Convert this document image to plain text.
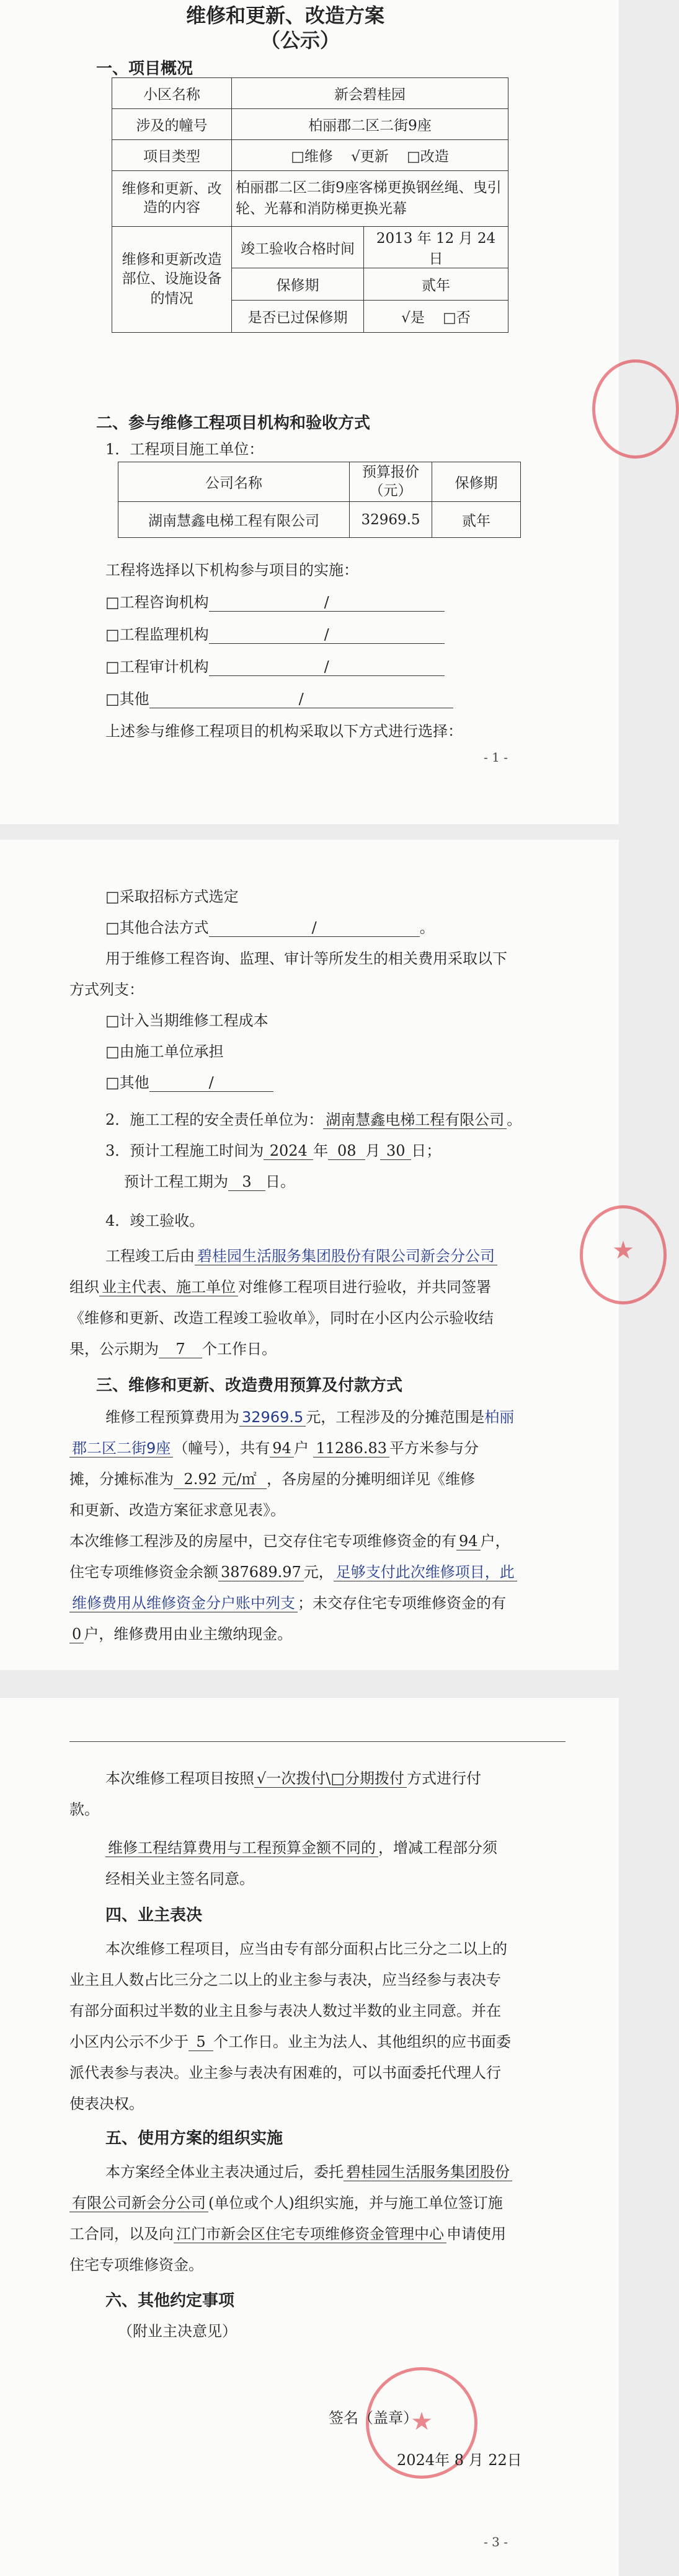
维修和更新、改造方案
（公示）
一、项目概况
小区名称	新会碧桂园	
涉及的幢号	柏丽郡二区二街9座	
项目类型	□维修 √更新 □改造	
维修和更新、改造的内容	柏丽郡二区二街9座客梯更换钢丝绳、曳引轮、光幕和消防梯更换光幕	
维修和更新改造部位、设施设备的情况	竣工验收合格时间	2013 年 12 月 24 日
	保修期	贰年
	是否已过保修期	√是 □否
二、参与维修工程项目机构和验收方式
1．工程项目施工单位：
公司名称	预算报价（元）	保修期
湖南慧鑫电梯工程有限公司	32969.5	贰年
工程将选择以下机构参与项目的实施：
□工程咨询机构	/
□工程监理机构	/
□工程审计机构	/
□其他	/
上述参与维修工程项目的机构采取以下方式进行选择：
- 1 -
□采取招标方式选定
□其他合法方式	/	。
用于维修工程咨询、监理、审计等所发生的相关费用采取以下
方式列支：
□计入当期维修工程成本
□由施工单位承担
□其他	/
2．施工工程的安全责任单位为： 湖南慧鑫电梯工程有限公司 。
3．预计工程施工时间为 2024 年 08 月 30 日；
预计工程工期为 3 日。
4．竣工验收。
工程竣工后由 碧桂园生活服务集团股份有限公司新会分公司
组织 业主代表、施工单位 对维修工程项目进行验收，并共同签署
《维修和更新、改造工程竣工验收单》，同时在小区内公示验收结
果，公示期为 7 个工作日。
三、维修和更新、改造费用预算及付款方式
维修工程预算费用为 32969.5 元，工程涉及的分摊范围是柏丽
郡二区二街9座 （幢号），共有 94 户 11286.83 平方米参与分
摊，分摊标准为 2.92 元/㎡ ，各房屋的分摊明细详见《维修
和更新、改造方案征求意见表》。
本次维修工程涉及的房屋中，已交存住宅专项维修资金的有 94 户，
住宅专项维修资金余额 387689.97 元， 足够支付此次维修项目，此
维修费用从维修资金分户账中列支 ；未交存住宅专项维修资金的有
0 户，维修费用由业主缴纳现金。
★
本次维修工程项目按照 √一次拨付\□分期拨付 方式进行付
款。
维修工程结算费用与工程预算金额不同的 ，增减工程部分须
经相关业主签名同意。
四、业主表决
本次维修工程项目，应当由专有部分面积占比三分之二以上的
业主且人数占比三分之二以上的业主参与表决，应当经参与表决专
有部分面积过半数的业主且参与表决人数过半数的业主同意。并在
小区内公示不少于 5 个工作日。业主为法人、其他组织的应书面委
派代表参与表决。业主参与表决有困难的，可以书面委托代理人行
使表决权。
五、使用方案的组织实施
本方案经全体业主表决通过后，委托 碧桂园生活服务集团股份
有限公司新会分公司 (单位或个人)组织实施，并与施工单位签订施
工合同，以及向 江门市新会区住宅专项维修资金管理中心 申请使用
住宅专项维修资金。
六、其他约定事项
（附业主决意见）
★
签名（盖章）
2024年 8 月 22日
- 3 -
